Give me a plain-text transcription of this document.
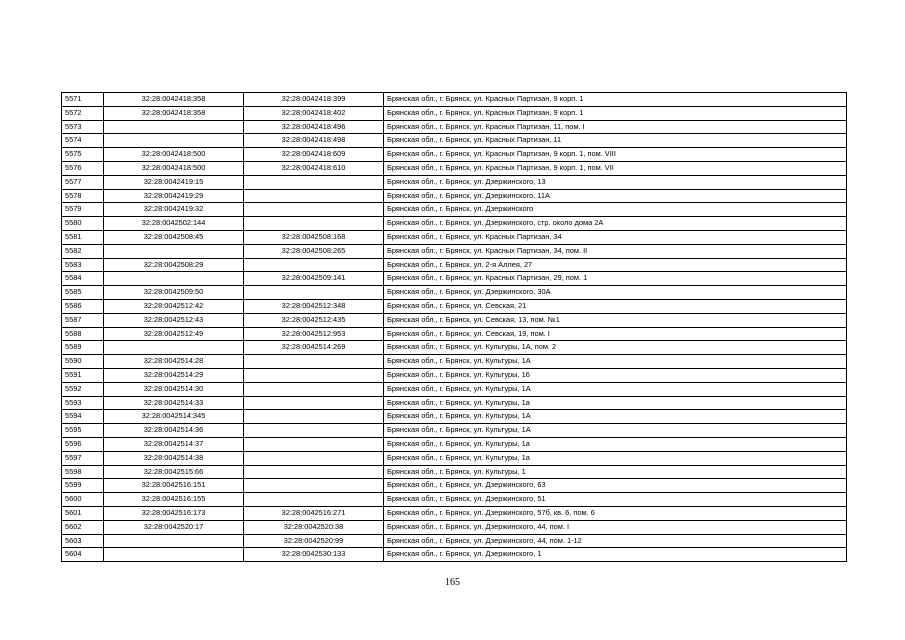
5571	32:28:0042418:358	32:28:0042418:399	Брянская обл., г. Брянск, ул. Красных Партизан, 9 корп. 1
5572	32:28:0042418:358	32:28:0042418:402	Брянская обл., г. Брянск, ул. Красных Партизан, 9 корп. 1
5573		32:28:0042418:496	Брянская обл., г. Брянск, ул. Красных Партизан, 11, пом. I
5574		32:28:0042418:498	Брянская обл., г. Брянск, ул. Красных Партизан, 11
5575	32:28:0042418:500	32:28:0042418:609	Брянская обл., г. Брянск, ул. Красных Партизан, 9 корп. 1, пом. VIII
5576	32:28:0042418:500	32:28:0042418:610	Брянская обл., г. Брянск, ул. Красных Партизан, 9 корп. 1, пом. VII
5577	32:28:0042419:15		Брянская обл., г. Брянск, ул. Дзержинского, 13
5578	32:28:0042419:29		Брянская обл., г. Брянск, ул. Дзержинского, 11А
5579	32:28:0042419:32		Брянская обл., г. Брянск, ул. Дзержинского
5580	32:28:0042502:144		Брянская обл., г. Брянск, ул. Дзержинского, стр. около дома 2А
5581	32:28:0042508:45	32:28:0042508:168	Брянская обл., г. Брянск, ул. Красных Партизан, 34
5582		32:28:0042508:265	Брянская обл., г. Брянск, ул. Красных Партизан, 34, пом. II
5583	32:28:0042508:29		Брянская обл., г. Брянск, ул. 2-я Аллея, 27
5584		32:28:0042509:141	Брянская обл., г. Брянск, ул. Красных Партизан, 29, пом. 1
5585	32:28:0042509:50		Брянская обл., г. Брянск, ул. Дзержинского, 30А
5586	32:28:0042512:42	32:28:0042512:348	Брянская обл., г. Брянск, ул. Севская, 21
5587	32:28:0042512:43	32:28:0042512:435	Брянская обл., г. Брянск, ул. Севская, 13, пом. №1
5588	32:28:0042512:49	32:28:0042512:953	Брянская обл., г. Брянск, ул. Севская, 19, пом. I
5589		32:28:0042514:269	Брянская обл., г. Брянск, ул. Культуры, 1А, пом. 2
5590	32:28:0042514:28		Брянская обл., г. Брянск, ул. Культуры, 1А
5591	32:28:0042514:29		Брянская обл., г. Брянск, ул. Культуры, 16
5592	32:28:0042514:30		Брянская обл., г. Брянск, ул. Культуры, 1А
5593	32:28:0042514:33		Брянская обл., г. Брянск, ул. Культуры, 1а
5594	32:28:0042514:345		Брянская обл., г. Брянск, ул. Культуры, 1А
5595	32:28:0042514:36		Брянская обл., г. Брянск, ул. Культуры, 1А
5596	32:28:0042514:37		Брянская обл., г. Брянск, ул. Культуры, 1а
5597	32:28:0042514:38		Брянская обл., г. Брянск, ул. Культуры, 1а
5598	32:28:0042515:66		Брянская обл., г. Брянск, ул. Культуры, 1
5599	32:28:0042516:151		Брянская обл., г. Брянск, ул. Дзержинского, 63
5600	32:28:0042516:155		Брянская обл., г. Брянск, ул. Дзержинского, 51
5601	32:28:0042516:173	32:28:0042516:271	Брянская обл., г. Брянск, ул. Дзержинского, 57б, кв. 6, пом. 6
5602	32:28:0042520:17	32:28:0042520:38	Брянская обл., г. Брянск, ул. Дзержинского, 44, пом. I
5603		32:28:0042520:99	Брянская обл., г. Брянск, ул. Дзержинского, 44, пом. 1-12
5604		32:28:0042530:133	Брянская обл., г. Брянск, ул. Дзержинского, 1
165
